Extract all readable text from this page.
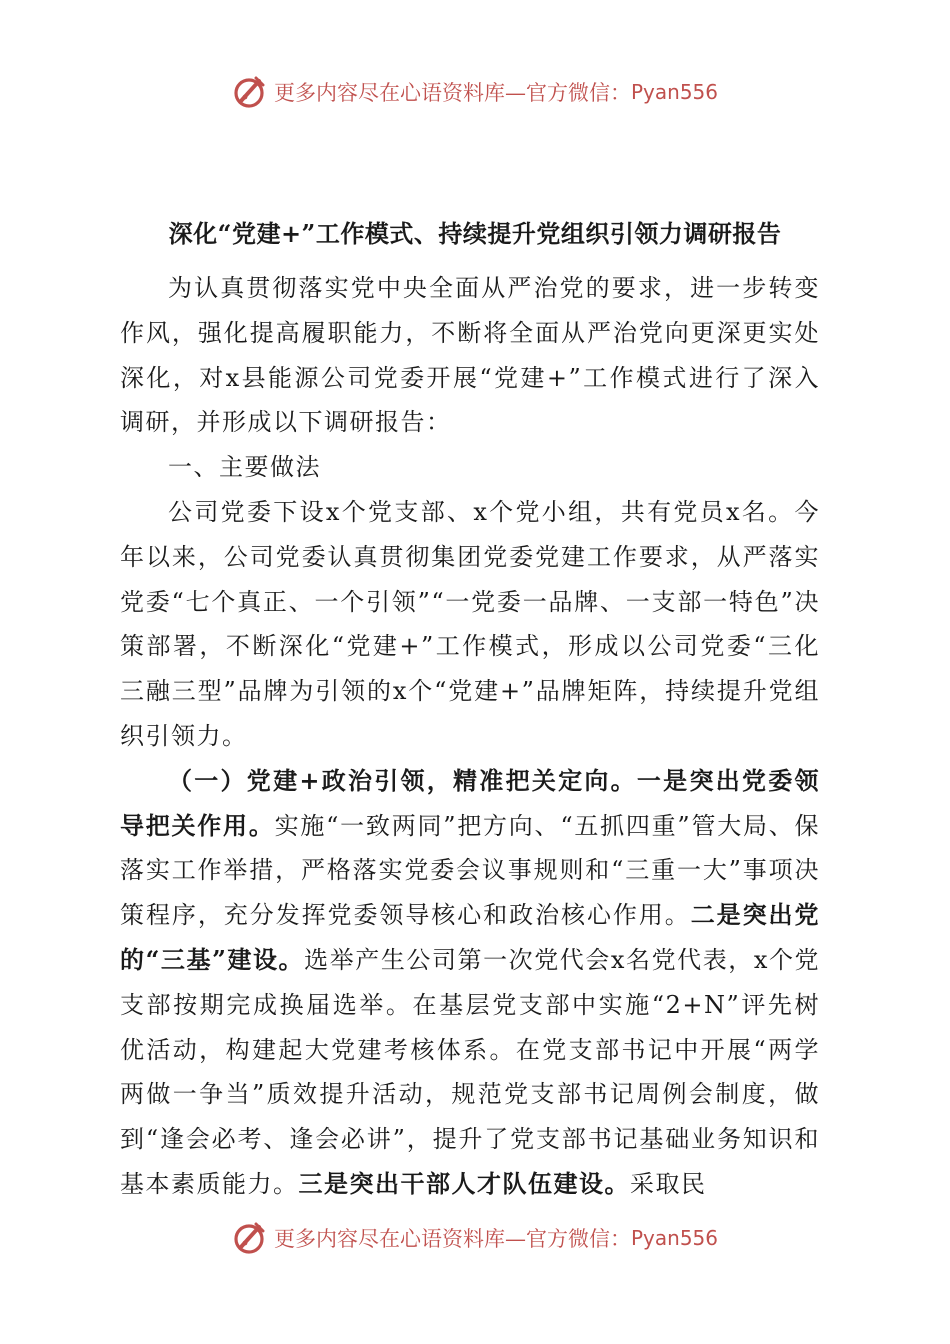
更多内容尽在心语资料库—官方微信： Pyan556
深化“党建+”工作模式、持续提升党组织引领力调研报告

为认真贯彻落实党中央全面从严治党的要求，进一步转变作风，强化提高履职能力，不断将全面从严治党向更深更实处深化，对x县能源公司党委开展“党建+”工作模式进行了深入调研，并形成以下调研报告：

一、主要做法

公司党委下设x个党支部、x个党小组，共有党员x名。今年以来，公司党委认真贯彻集团党委党建工作要求，从严落实党委“七个真正、一个引领”“一党委一品牌、一支部一特色”决策部署，不断深化“党建+”工作模式，形成以公司党委“三化三融三型”品牌为引领的x个“党建+”品牌矩阵，持续提升党组织引领力。

（一）党建+政治引领，精准把关定向。一是突出党委领导把关作用。实施“一致两同”把方向、“五抓四重”管大局、保落实工作举措，严格落实党委会议事规则和“三重一大”事项决策程序，充分发挥党委领导核心和政治核心作用。二是突出党的“三基”建设。选举产生公司第一次党代会x名党代表，x个党支部按期完成换届选举。在基层党支部中实施“2+N”评先树优活动，构建起大党建考核体系。在党支部书记中开展“两学两做一争当”质效提升活动，规范党支部书记周例会制度，做到“逢会必考、逢会必讲”，提升了党支部书记基础业务知识和基本素质能力。三是突出干部人才队伍建设。采取民

更多内容尽在心语资料库—官方微信： Pyan556
